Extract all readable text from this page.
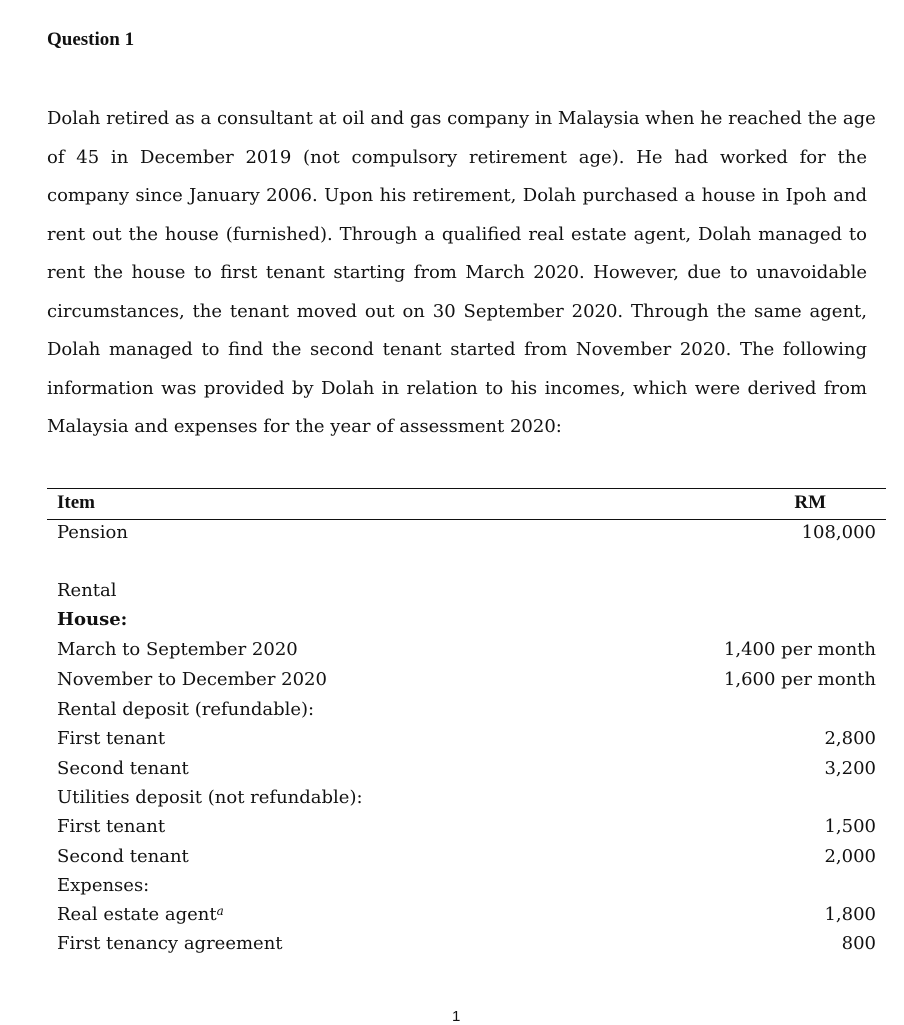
Question 1
Dolah retired as a consultant at oil and gas company in Malaysia when he reached the age
of 45 in December 2019 (not compulsory retirement age). He had worked for the
company since January 2006. Upon his retirement, Dolah purchased a house in Ipoh and
rent out the house (furnished). Through a qualified real estate agent, Dolah managed to
rent the house to first tenant starting from March 2020. However, due to unavoidable
circumstances, the tenant moved out on 30 September 2020. Through the same agent,
Dolah managed to find the second tenant started from November 2020. The following
information was provided by Dolah in relation to his incomes, which were derived from
Malaysia and expenses for the year of assessment 2020:
Item	RM
Pension	108,000
Rental
House:
March to September 2020	1,400 per month
November to December 2020	1,600 per month
Rental deposit (refundable):
First tenant	2,800
Second tenant	3,200
Utilities deposit (not refundable):
First tenant	1,500
Second tenant	2,000
Expenses:
Real estate agent$^a$	1,800
First tenancy agreement	800
1
